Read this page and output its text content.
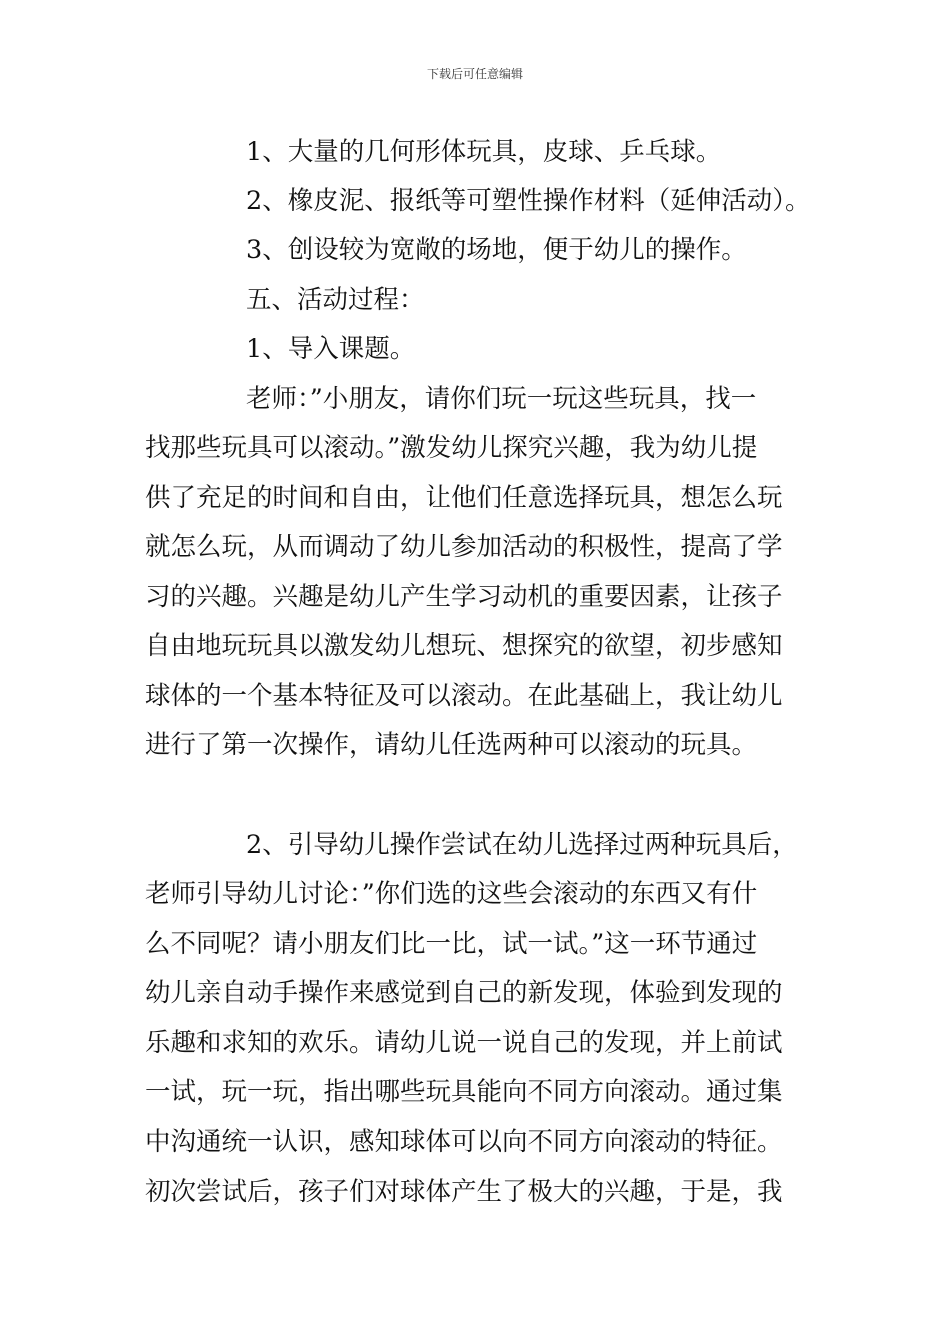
下载后可任意编辑
1、大量的几何形体玩具，皮球、乒乓球。
2、橡皮泥、报纸等可塑性操作材料（延伸活动）。
3、创设较为宽敞的场地，便于幼儿的操作。
五、活动过程：
1、导入课题。
老师：”小朋友，请你们玩一玩这些玩具，找一
找那些玩具可以滚动。”激发幼儿探究兴趣，我为幼儿提
供了充足的时间和自由，让他们任意选择玩具，想怎么玩
就怎么玩，从而调动了幼儿参加活动的积极性，提高了学
习的兴趣。兴趣是幼儿产生学习动机的重要因素，让孩子
自由地玩玩具以激发幼儿想玩、想探究的欲望，初步感知
球体的一个基本特征及可以滚动。在此基础上，我让幼儿
进行了第一次操作，请幼儿任选两种可以滚动的玩具。
2、引导幼儿操作尝试在幼儿选择过两种玩具后，
老师引导幼儿讨论：”你们选的这些会滚动的东西又有什
么不同呢？请小朋友们比一比，试一试。”这一环节通过
幼儿亲自动手操作来感觉到自己的新发现，体验到发现的
乐趣和求知的欢乐。请幼儿说一说自己的发现，并上前试
一试，玩一玩，指出哪些玩具能向不同方向滚动。通过集
中沟通统一认识，感知球体可以向不同方向滚动的特征。
初次尝试后，孩子们对球体产生了极大的兴趣，于是，我
